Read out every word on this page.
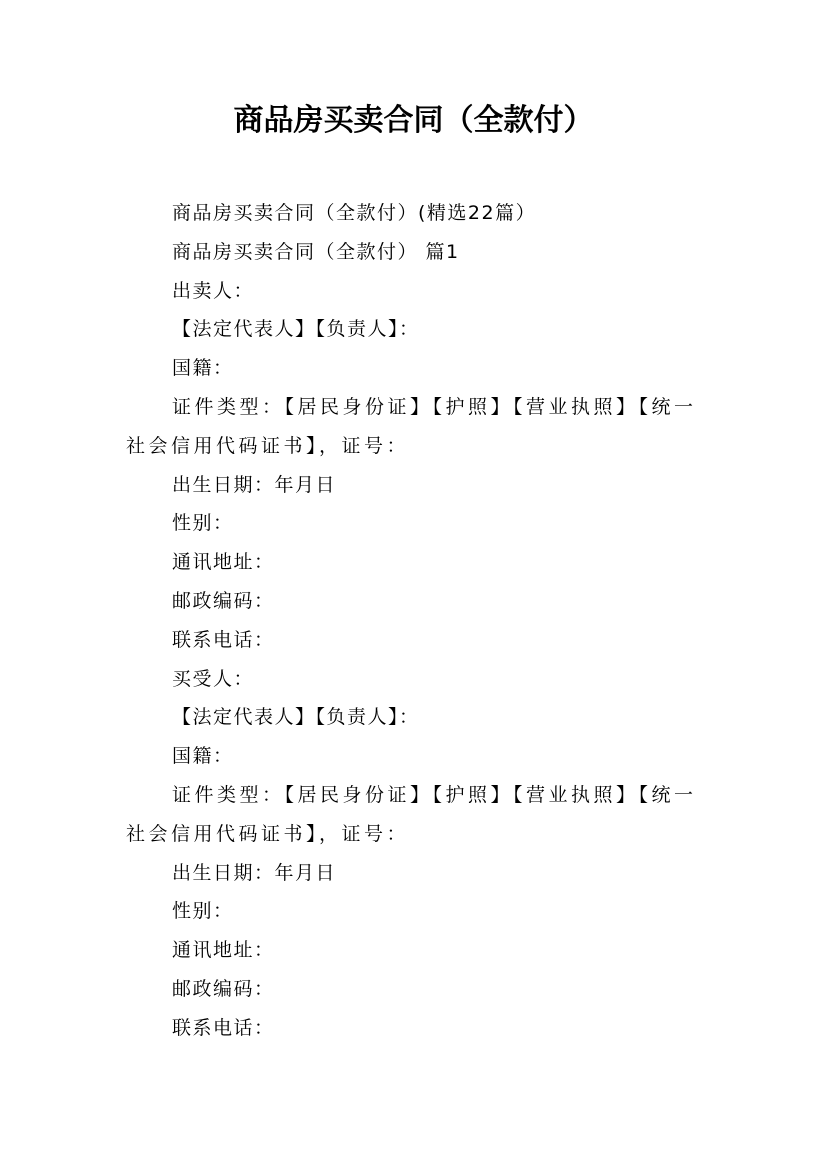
商品房买卖合同（全款付）

商品房买卖合同（全款付）(精选22篇）

商品房买卖合同（全款付） 篇1

出卖人：

【法定代表人】【负责人】：

国籍：

证件类型：【居民身份证】【护照】【营业执照】【统一社会信用代码证书】，证号：

出生日期：年月日

性别：

通讯地址：

邮政编码：

联系电话：

买受人：

【法定代表人】【负责人】：

国籍：

证件类型：【居民身份证】【护照】【营业执照】【统一社会信用代码证书】，证号：

出生日期：年月日

性别：

通讯地址：

邮政编码：

联系电话：
